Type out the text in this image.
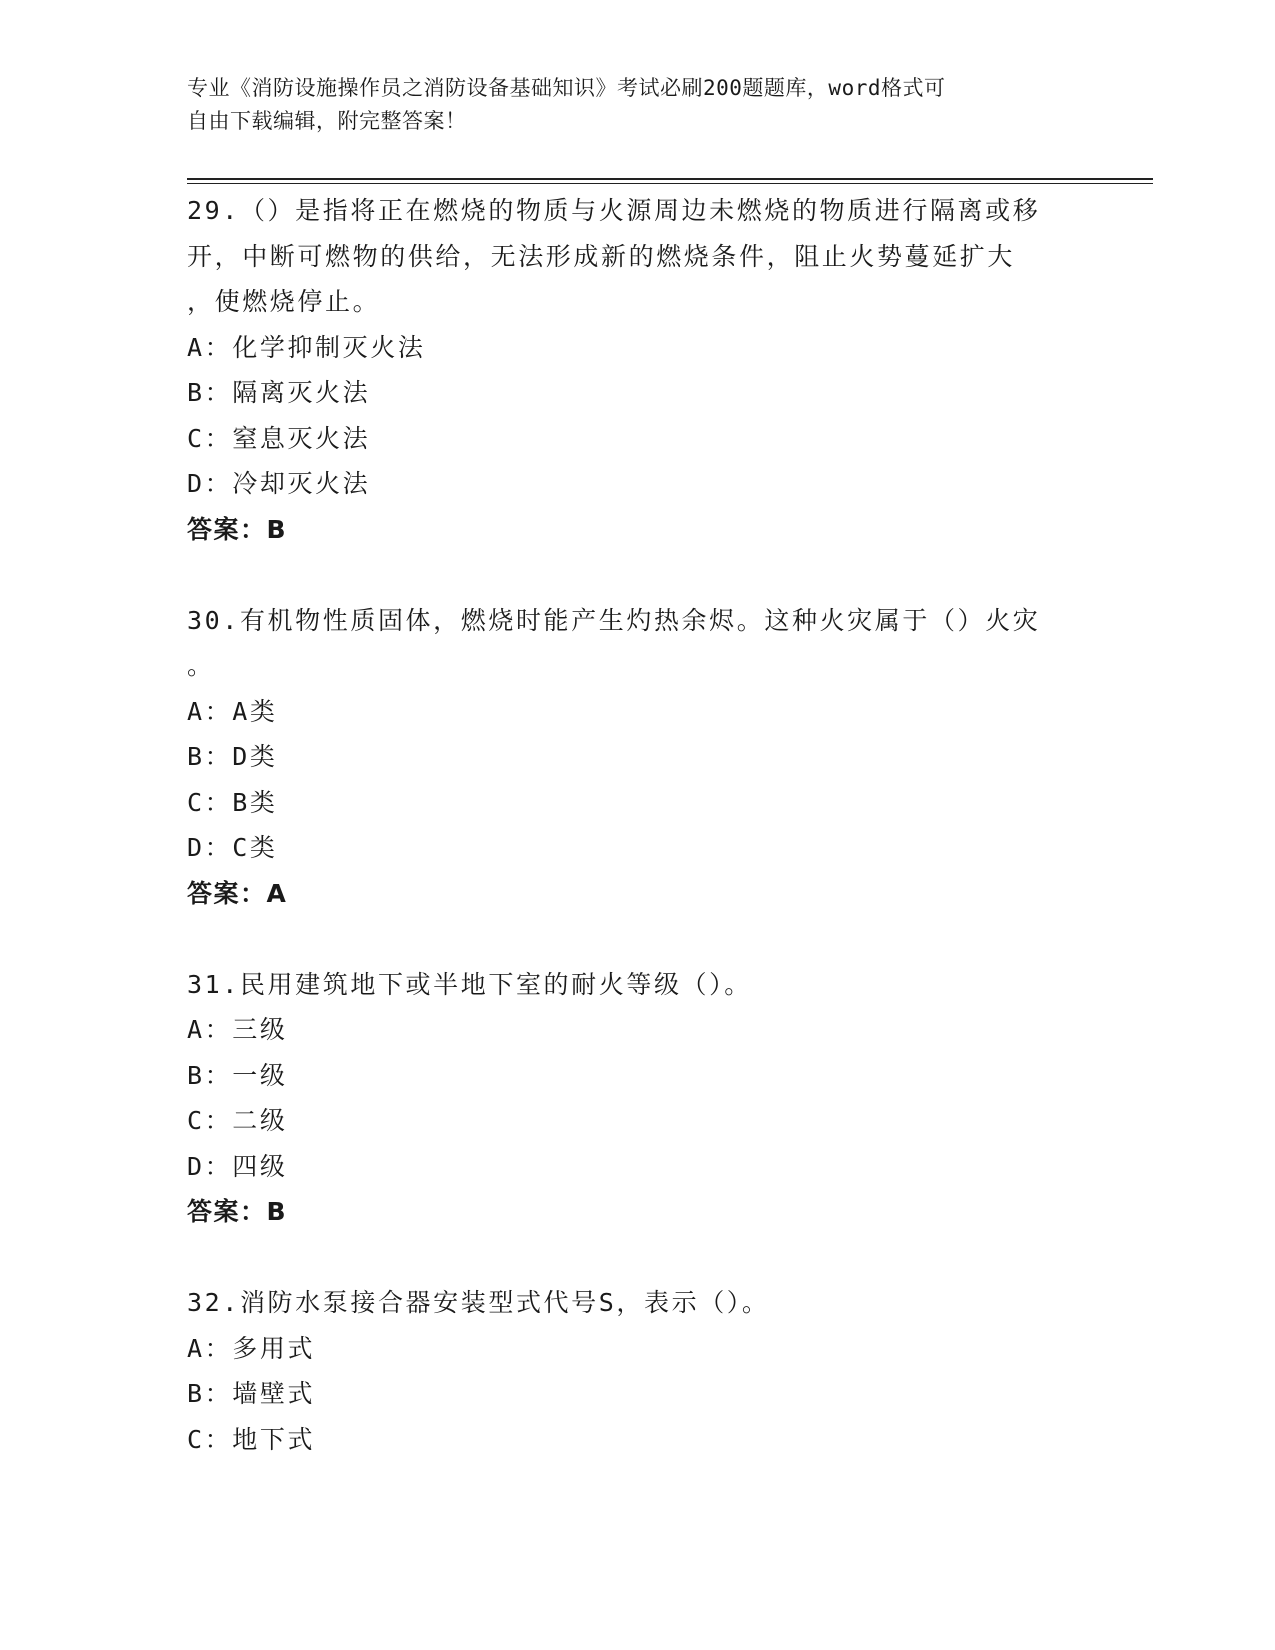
专业《消防设施操作员之消防设备基础知识》考试必刷200题题库，word格式可
自由下载编辑，附完整答案！

29.（）是指将正在燃烧的物质与火源周边未燃烧的物质进行隔离或移

开，中断可燃物的供给，无法形成新的燃烧条件，阻止火势蔓延扩大

，使燃烧停止。

A：化学抑制灭火法

B：隔离灭火法

C：窒息灭火法

D：冷却灭火法

答案：B

30.有机物性质固体，燃烧时能产生灼热余烬。这种火灾属于（）火灾

。

A：A类

B：D类

C：B类

D：C类

答案：A

31.民用建筑地下或半地下室的耐火等级（）。

A：三级

B：一级

C：二级

D：四级

答案：B

32.消防水泵接合器安装型式代号S，表示（）。

A：多用式

B：墙壁式

C：地下式
